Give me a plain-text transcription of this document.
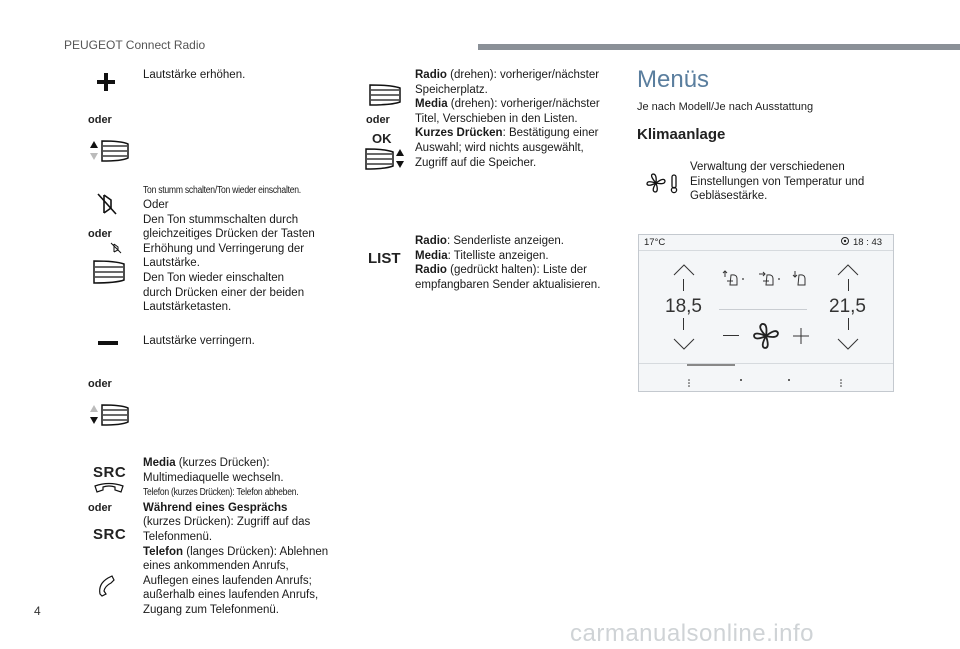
PEUGEOT Connect Radio
Lautstärke erhöhen.
oder
oder
Ton stumm schalten/Ton wieder einschalten.
Oder
Den Ton stummschalten durch
gleichzeitiges Drücken der Tasten
Erhöhung und Verringerung der
Lautstärke.
Den Ton wieder einschalten
durch Drücken einer der beiden
Lautstärketasten.
Lautstärke verringern.
oder
SRC
oder
SRC
Media (kurzes Drücken):
Multimediaquelle wechseln.
Telefon (kurzes Drücken): Telefon abheben.
Während eines Gesprächs
(kurzes Drücken): Zugriff auf das
Telefonmenü.
Telefon (langes Drücken): Ablehnen
eines ankommenden Anrufs,
Auflegen eines laufenden Anrufs;
außerhalb eines laufenden Anrufs,
Zugang zum Telefonmenü.
oder
OK
Radio (drehen): vorheriger/nächster
Speicherplatz.
Media (drehen): vorheriger/nächster
Titel, Verschieben in den Listen.
Kurzes Drücken: Bestätigung einer
Auswahl; wird nichts ausgewählt,
Zugriff auf die Speicher.
LIST
Radio: Senderliste anzeigen.
Media: Titelliste anzeigen.
Radio (gedrückt halten): Liste der
empfangbaren Sender aktualisieren.
Menüs
Je nach Modell/Je nach Ausstattung
Klimaanlage
Verwaltung der verschiedenen
Einstellungen von Temperatur und
Gebläsestärke.
17°C	18 : 43
18,5	21,5
4
carmanualsonline.info
